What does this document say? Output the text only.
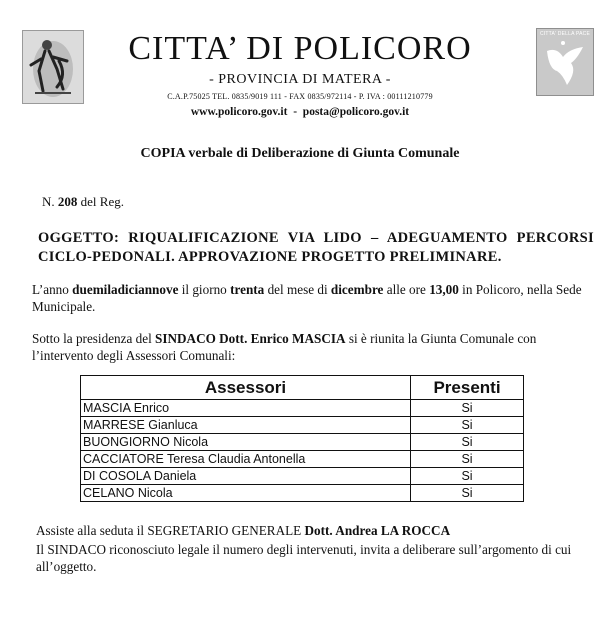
CITTA' DELLA PACE
CITTA’ DI POLICORO
- PROVINCIA DI MATERA -
C.A.P.75025 TEL. 0835/9019 111 - FAX 0835/972114 - P. IVA : 00111210779
www.policoro.gov.it - posta@policoro.gov.it
COPIA verbale di Deliberazione di Giunta Comunale
N. 208 del Reg.
OGGETTO: RIQUALIFICAZIONE VIA LIDO – ADEGUAMENTO PERCORSI CICLO-PEDONALI. APPROVAZIONE PROGETTO PRELIMINARE.
L’anno duemiladiciannove il giorno trenta del mese di dicembre alle ore 13,00 in Policoro, nella Sede Municipale.
Sotto la presidenza del SINDACO Dott. Enrico MASCIA si è riunita la Giunta Comunale con l’intervento degli Assessori Comunali:
Assessori	Presenti
MASCIA Enrico	Si
MARRESE Gianluca	Si
BUONGIORNO Nicola	Si
CACCIATORE Teresa Claudia Antonella	Si
DI COSOLA Daniela	Si
CELANO Nicola	Si
Assiste alla seduta il SEGRETARIO GENERALE Dott. Andrea LA ROCCA
Il SINDACO riconosciuto legale il numero degli intervenuti, invita a deliberare sull’argomento di cui all’oggetto.
